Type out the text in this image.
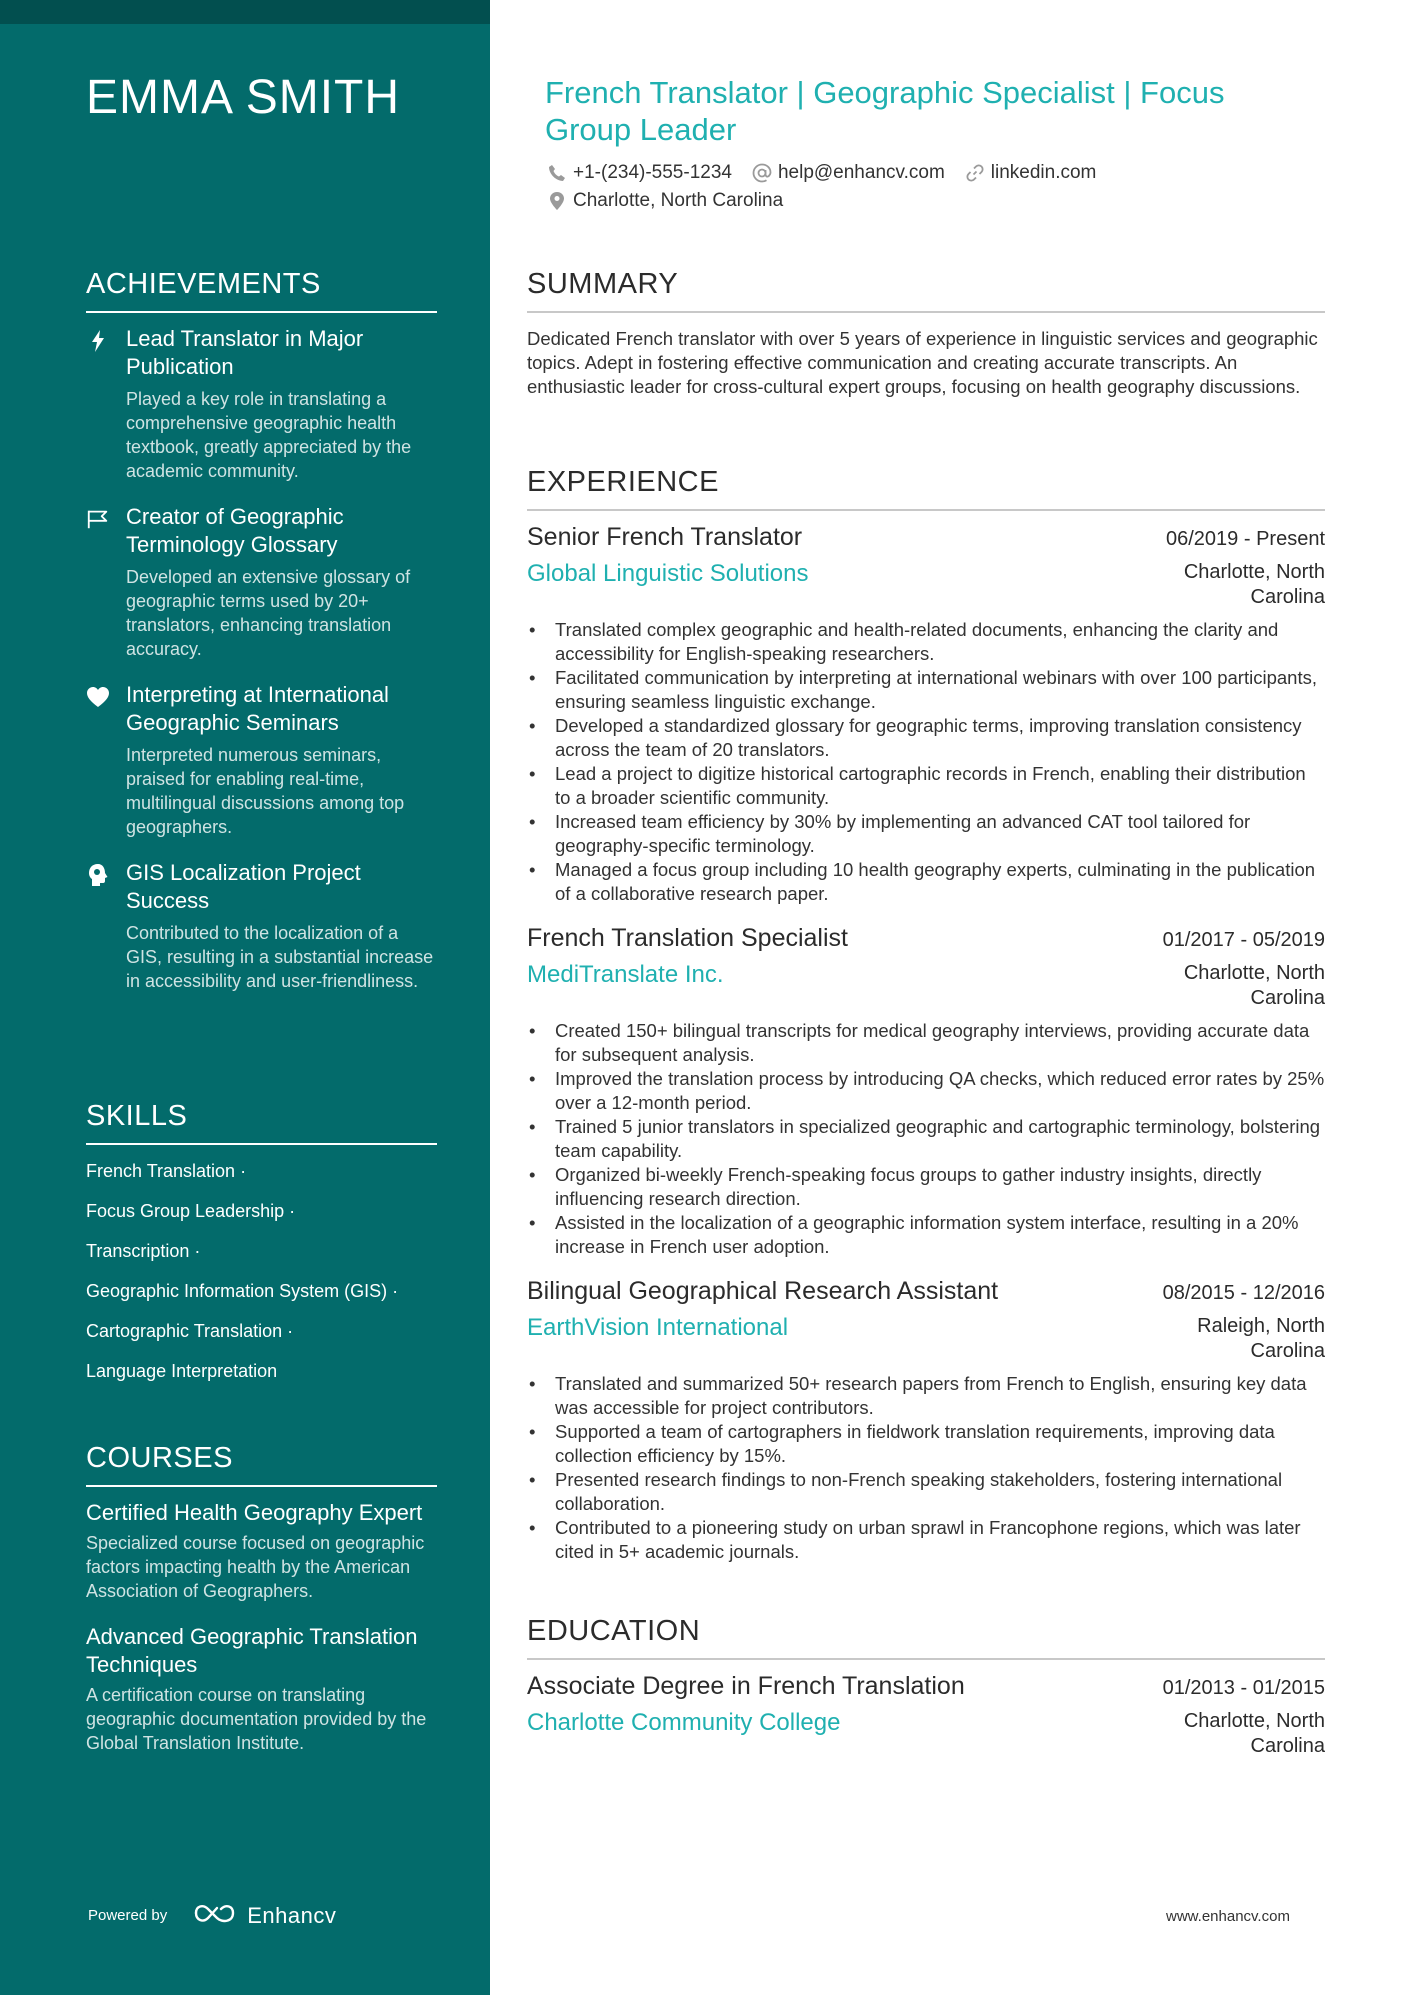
EMMA SMITH
ACHIEVEMENTS
Lead Translator in Major Publication
Played a key role in translating a comprehensive geographic health textbook, greatly appreciated by the academic community.
Creator of Geographic Terminology Glossary
Developed an extensive glossary of geographic terms used by 20+ translators, enhancing translation accuracy.
Interpreting at International Geographic Seminars
Interpreted numerous seminars, praised for enabling real-time, multilingual discussions among top geographers.
GIS Localization Project Success
Contributed to the localization of a GIS, resulting in a substantial increase in accessibility and user-friendliness.
SKILLS
French Translation ·
Focus Group Leadership ·
Transcription ·
Geographic Information System (GIS) ·
Cartographic Translation ·
Language Interpretation
COURSES
Certified Health Geography Expert
Specialized course focused on geographic factors impacting health by the American Association of Geographers.
Advanced Geographic Translation Techniques
A certification course on translating geographic documentation provided by the Global Translation Institute.
Powered by	Enhancv
French Translator | Geographic Specialist | Focus Group Leader
+1-(234)-555-1234 help@enhancv.com linkedin.com
Charlotte, North Carolina
SUMMARY
Dedicated French translator with over 5 years of experience in linguistic services and geographic topics. Adept in fostering effective communication and creating accurate transcripts. An enthusiastic leader for cross-cultural expert groups, focusing on health geography discussions.
EXPERIENCE
Senior French Translator	06/2019 - Present
Global Linguistic Solutions	Charlotte, North Carolina
• Translated complex geographic and health-related documents, enhancing the clarity and accessibility for English-speaking researchers.
• Facilitated communication by interpreting at international webinars with over 100 participants, ensuring seamless linguistic exchange.
• Developed a standardized glossary for geographic terms, improving translation consistency across the team of 20 translators.
• Lead a project to digitize historical cartographic records in French, enabling their distribution to a broader scientific community.
• Increased team efficiency by 30% by implementing an advanced CAT tool tailored for geography-specific terminology.
• Managed a focus group including 10 health geography experts, culminating in the publication of a collaborative research paper.
French Translation Specialist	01/2017 - 05/2019
MediTranslate Inc.	Charlotte, North Carolina
• Created 150+ bilingual transcripts for medical geography interviews, providing accurate data for subsequent analysis.
• Improved the translation process by introducing QA checks, which reduced error rates by 25% over a 12-month period.
• Trained 5 junior translators in specialized geographic and cartographic terminology, bolstering team capability.
• Organized bi-weekly French-speaking focus groups to gather industry insights, directly influencing research direction.
• Assisted in the localization of a geographic information system interface, resulting in a 20% increase in French user adoption.
Bilingual Geographical Research Assistant	08/2015 - 12/2016
EarthVision International	Raleigh, North Carolina
• Translated and summarized 50+ research papers from French to English, ensuring key data was accessible for project contributors.
• Supported a team of cartographers in fieldwork translation requirements, improving data collection efficiency by 15%.
• Presented research findings to non-French speaking stakeholders, fostering international collaboration.
• Contributed to a pioneering study on urban sprawl in Francophone regions, which was later cited in 5+ academic journals.
EDUCATION
Associate Degree in French Translation	01/2013 - 01/2015
Charlotte Community College	Charlotte, North Carolina
www.enhancv.com
